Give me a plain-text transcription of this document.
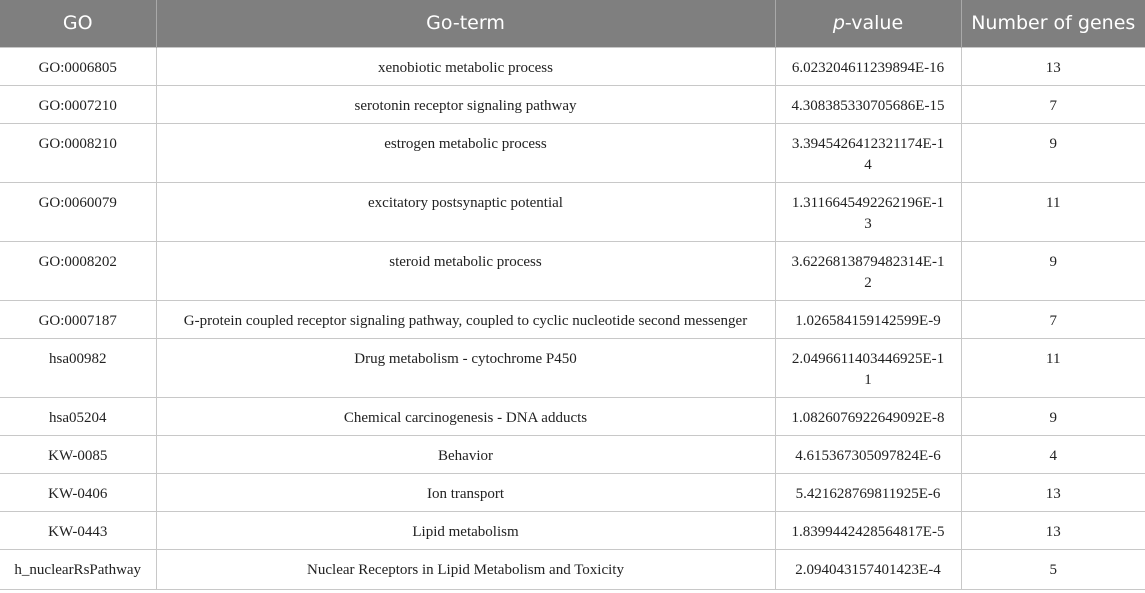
GO	Go-term	p-value	Number of genes
GO:0006805	xenobiotic metabolic process	6.023204611239894E-16	13
GO:0007210	serotonin receptor signaling pathway	4.308385330705686E-15	7
GO:0008210	estrogen metabolic process	3.3945426412321174E-14	9
GO:0060079	excitatory postsynaptic potential	1.3116645492262196E-13	11
GO:0008202	steroid metabolic process	3.6226813879482314E-12	9
GO:0007187	G-protein coupled receptor signaling pathway, coupled to cyclic nucleotide second messenger	1.026584159142599E-9	7
hsa00982	Drug metabolism - cytochrome P450	2.0496611403446925E-11	11
hsa05204	Chemical carcinogenesis - DNA adducts	1.0826076922649092E-8	9
KW-0085	Behavior	4.615367305097824E-6	4
KW-0406	Ion transport	5.421628769811925E-6	13
KW-0443	Lipid metabolism	1.8399442428564817E-5	13
h_nuclearRsPathway	Nuclear Receptors in Lipid Metabolism and Toxicity	2.094043157401423E-4	5
